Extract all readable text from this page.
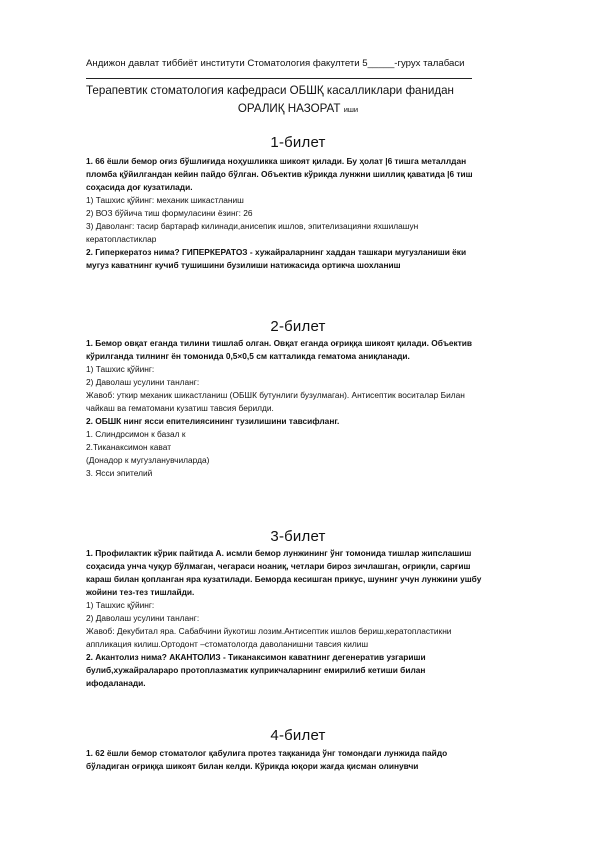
Андижон давлат тиббиёт институти Стоматология факултети 5_____-гурух талабаси
Терапевтик стоматология кафедраси ОБШҚ касалликлари фанидан
ОРАЛИҚ НАЗОРАТ иши
1-билет

1. 66 ёшли бемор оғиз бўшлиғида ноҳушликка шикоят қилади. Бу ҳолат |6 тишга металлдан

пломба қўйилгандан кейин пайдо бўлган. Объектив кўрикда лунжни шиллиқ қаватида |6 тиш

соҳасида доғ кузатилади.

1) Ташхис қўйинг: механик шикастланиш

2) ВОЗ бўйича тиш формуласини ёзинг: 26

3) Даволанг: тасир бартараф килинади,анисепик ишлов, эпителизацияни яхшилашун

кератопластиклар

2. Гиперкератоз нима? ГИПЕРКЕРАТОЗ - хужайраларнинг хаддан ташкари мугузланиши ёки

мугуз каватнинг кучиб тушишини бузилиши натижасида ортикча шохланиш

2-билет

1. Бемор овқат еганда тилини тишлаб олган. Овқат еганда оғриққа шикоят қилади. Объектив

кўрилганда тилнинг ён томонида 0,5×0,5 см катталикда гематома аниқланади.

1) Ташхис қўйинг:

2) Даволаш усулини танланг:

Жавоб: уткир механик шикастланиш (ОБШК бутунлиги бузулмаган). Антисептик воситалар Билан

чайкаш ва гематомани кузатиш тавсия берилди.

2. ОБШК нинг ясси епителиясининг тузилишини тавсифланг.

1. Слиндрсимон к базал к

2.Тиканаксимон кават

(Донадор к мугузланувчиларда)

3. Ясси эпителий

3-билет

1. Профилактик кўрик пайтида А. исмли бемор лунжининг ўнг томонида тишлар жипслашиш

соҳасида унча чуқур бўлмаган, чегараси ноаниқ, четлари бироз зичлашган, оғриқли, сарғиш

караш билан қопланган яра кузатилади. Беморда кесишган прикус, шунинг учун лунжини ушбу

жойини тез-тез тишлайди.

1) Ташхис қўйинг:

2) Даволаш усулини танланг:

Жавоб: Декубитал яра. Сабабчини йукотиш лозим.Антисептик ишлов бериш,кератопластикни

аппликация килиш.Ортодонт –стоматологда даволанишни тавсия килиш

2. Акантолиз нима? АКАНТОЛИЗ - Тиканаксимон каватнинг дегенератив узгариши

булиб,хужайралараро протоплазматик куприкчаларнинг емирилиб кетиши билан

ифодаланади.

4-билет

1. 62 ёшли бемор стоматолог қабулига протез тақканида ўнг томондаги лунжида пайдо

бўладиган оғриққа шикоят билан келди. Кўрикда юқори жағда қисман олинувчи
